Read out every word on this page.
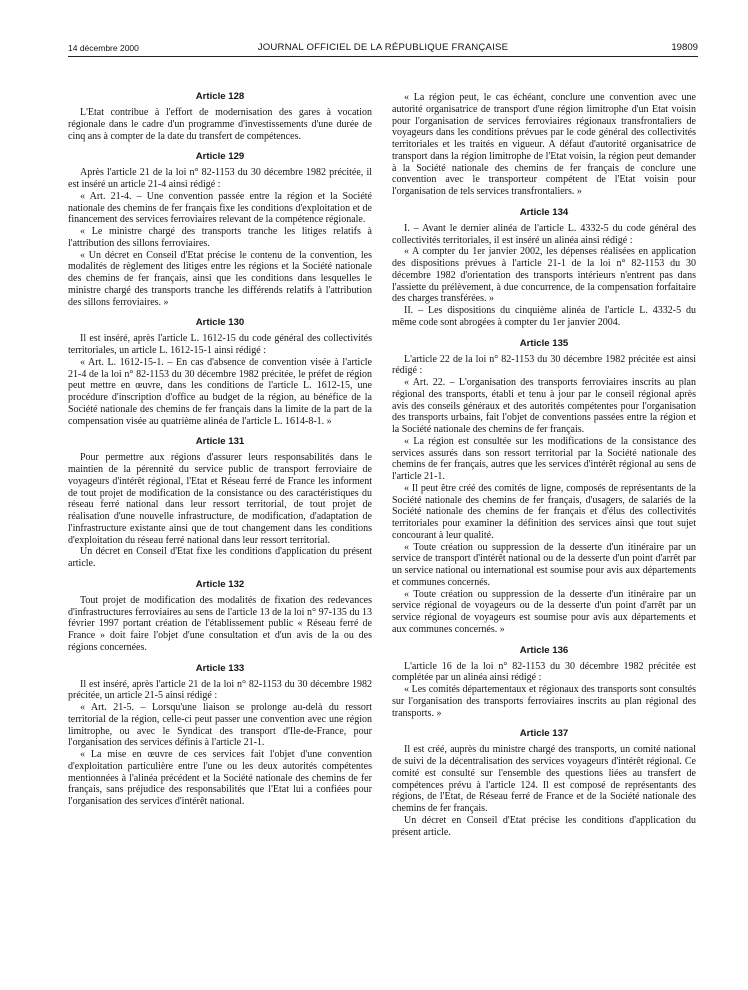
14 décembre 2000	JOURNAL OFFICIEL DE LA RÉPUBLIQUE FRANÇAISE	19809
Article 128

L'Etat contribue à l'effort de modernisation des gares à vocation régionale dans le cadre d'un programme d'investissements d'une durée de cinq ans à compter de la date du transfert de compétences.

Article 129

Après l'article 21 de la loi n° 82-1153 du 30 décembre 1982 précitée, il est inséré un article 21-4 ainsi rédigé :

« Art. 21-4. – Une convention passée entre la région et la Société nationale des chemins de fer français fixe les conditions d'exploitation et de financement des services ferroviaires relevant de la compétence régionale.

« Le ministre chargé des transports tranche les litiges relatifs à l'attribution des sillons ferroviaires.

« Un décret en Conseil d'Etat précise le contenu de la convention, les modalités de règlement des litiges entre les régions et la Société nationale des chemins de fer français, ainsi que les conditions dans lesquelles le ministre chargé des transports tranche les différends relatifs à l'attribution des sillons ferroviaires. »

Article 130

Il est inséré, après l'article L. 1612-15 du code général des collectivités territoriales, un article L. 1612-15-1 ainsi rédigé :

« Art. L. 1612-15-1. – En cas d'absence de convention visée à l'article 21-4 de la loi n° 82-1153 du 30 décembre 1982 précitée, le préfet de région peut mettre en œuvre, dans les conditions de l'article L. 1612-15, une procédure d'inscription d'office au budget de la région, au bénéfice de la Société nationale des chemins de fer français dans la limite de la part de la compensation visée au quatrième alinéa de l'article L. 1614-8-1. »

Article 131

Pour permettre aux régions d'assurer leurs responsabilités dans le maintien de la pérennité du service public de transport ferroviaire de voyageurs d'intérêt régional, l'Etat et Réseau ferré de France les informent de tout projet de modification de la consistance ou des caractéristiques du réseau ferré national dans leur ressort territorial, de tout projet de réalisation d'une nouvelle infrastructure, de modification, d'adaptation de l'infrastructure existante ainsi que de tout changement dans les conditions d'exploitation du réseau ferré national dans leur ressort territorial.

Un décret en Conseil d'Etat fixe les conditions d'application du présent article.

Article 132

Tout projet de modification des modalités de fixation des redevances d'infrastructures ferroviaires au sens de l'article 13 de la loi n° 97-135 du 13 février 1997 portant création de l'établissement public « Réseau ferré de France » doit faire l'objet d'une consultation et d'un avis de la ou des régions concernées.

Article 133

Il est inséré, après l'article 21 de la loi n° 82-1153 du 30 décembre 1982 précitée, un article 21-5 ainsi rédigé :

« Art. 21-5. – Lorsqu'une liaison se prolonge au-delà du ressort territorial de la région, celle-ci peut passer une convention avec une région limitrophe, ou avec le Syndicat des transport d'Ile-de-France, pour l'organisation des services définis à l'article 21-1.

« La mise en œuvre de ces services fait l'objet d'une convention d'exploitation particulière entre l'une ou les deux autorités compétentes mentionnées à l'alinéa précédent et la Société nationale des chemins de fer français, sans préjudice des responsabilités que l'Etat lui a confiées pour l'organisation des services d'intérêt national.

« La région peut, le cas échéant, conclure une convention avec une autorité organisatrice de transport d'une région limitrophe d'un Etat voisin pour l'organisation de services ferroviaires régionaux transfrontaliers de voyageurs dans les conditions prévues par le code général des collectivités territoriales et les traités en vigueur. A défaut d'autorité organisatrice de transport dans la région limitrophe de l'Etat voisin, la région peut demander à la Société nationale des chemins de fer français de conclure une convention avec le transporteur compétent de l'Etat voisin pour l'organisation de tels services transfrontaliers. »

Article 134

I. – Avant le dernier alinéa de l'article L. 4332-5 du code général des collectivités territoriales, il est inséré un alinéa ainsi rédigé :

« A compter du 1er janvier 2002, les dépenses réalisées en application des dispositions prévues à l'article 21-1 de la loi n° 82-1153 du 30 décembre 1982 d'orientation des transports intérieurs n'entrent pas dans l'assiette du prélèvement, à due concurrence, de la compensation forfaitaire des charges transférées. »

II. – Les dispositions du cinquième alinéa de l'article L. 4332-5 du même code sont abrogées à compter du 1er janvier 2004.

Article 135

L'article 22 de la loi n° 82-1153 du 30 décembre 1982 précitée est ainsi rédigé :

« Art. 22. – L'organisation des transports ferroviaires inscrits au plan régional des transports, établi et tenu à jour par le conseil régional après avis des conseils généraux et des autorités compétentes pour l'organisation des transports urbains, fait l'objet de conventions passées entre la région et la Société nationale des chemins de fer français.

« La région est consultée sur les modifications de la consistance des services assurés dans son ressort territorial par la Société nationale des chemins de fer français, autres que les services d'intérêt régional au sens de l'article 21-1.

« Il peut être créé des comités de ligne, composés de représentants de la Société nationale des chemins de fer français, d'usagers, de salariés de la Société nationale des chemins de fer français et d'élus des collectivités territoriales pour examiner la définition des services ainsi que tout sujet concourant à leur qualité.

« Toute création ou suppression de la desserte d'un itinéraire par un service de transport d'intérêt national ou de la desserte d'un point d'arrêt par un service national ou international est soumise pour avis aux départements et communes concernés.

« Toute création ou suppression de la desserte d'un itinéraire par un service régional de voyageurs ou de la desserte d'un point d'arrêt par un service régional de voyageurs est soumise pour avis aux départements et aux communes concernés. »

Article 136

L'article 16 de la loi n° 82-1153 du 30 décembre 1982 précitée est complétée par un alinéa ainsi rédigé :

« Les comités départementaux et régionaux des transports sont consultés sur l'organisation des transports ferroviaires inscrits au plan régional des transports. »

Article 137

Il est créé, auprès du ministre chargé des transports, un comité national de suivi de la décentralisation des services voyageurs d'intérêt régional. Ce comité est consulté sur l'ensemble des questions liées au transfert de compétences prévu à l'article 124. Il est composé de représentants des régions, de l'Etat, de Réseau ferré de France et de la Société nationale des chemins de fer français.

Un décret en Conseil d'Etat précise les conditions d'application du présent article.
